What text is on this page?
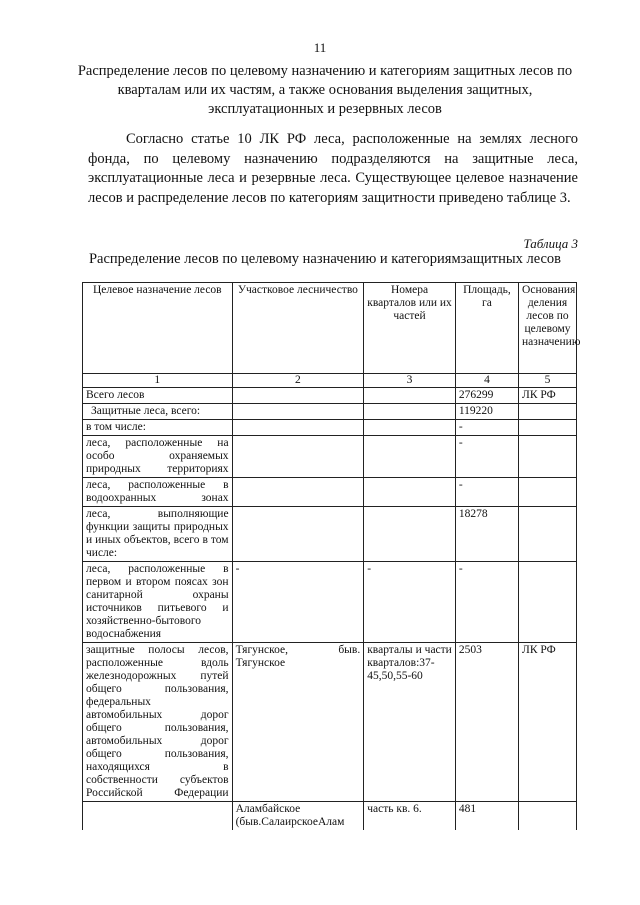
11
Распределение лесов по целевому назначению и категориям защитных лесов по кварталам или их частям, а также основания выделения защитных, эксплуатационных и резервных лесов

Согласно статье 10 ЛК РФ леса, расположенные на землях лесного фонда, по целевому назначению подразделяются на защитные леса, эксплуатационные леса и резервные леса. Существующее целевое назначение лесов и распределение лесов по категориям защитности приведено таблице 3.

Таблица 3
Распределение лесов по целевому назначению и категориямзащитных лесов
Целевое назначение лесов	Участковое лесничество	Номера кварталов или их частей	Площадь, га	Основания деления лесов по целевому назначению
1	2	3	4	5
Всего лесов			276299	ЛК РФ
Защитные леса, всего:			119220	
в том числе:			-	
леса, расположенные на особо охраняемых природных территориях			-	
леса, расположенные в водоохранных зонах			-	
леса, выполняющие функции защиты природных и иных объектов, всего в том числе:			18278	
леса, расположенные в первом и втором поясах зон санитарной охраны источников питьевого и хозяйственно-бытового водоснабжения	-	-	-	
защитные полосы лесов, расположенные вдоль железнодорожных путей общего пользования, федеральных автомобильных дорог общего пользования, автомобильных дорог общего пользования, находящихся в собственности субъектов Российской Федерации	Тягунское, быв. Тягунское	кварталы и части кварталов:37-45,50,55-60	2503	ЛК РФ
	Аламбайское (быв.СалаирскоеАлам	часть кв. 6.	481	
